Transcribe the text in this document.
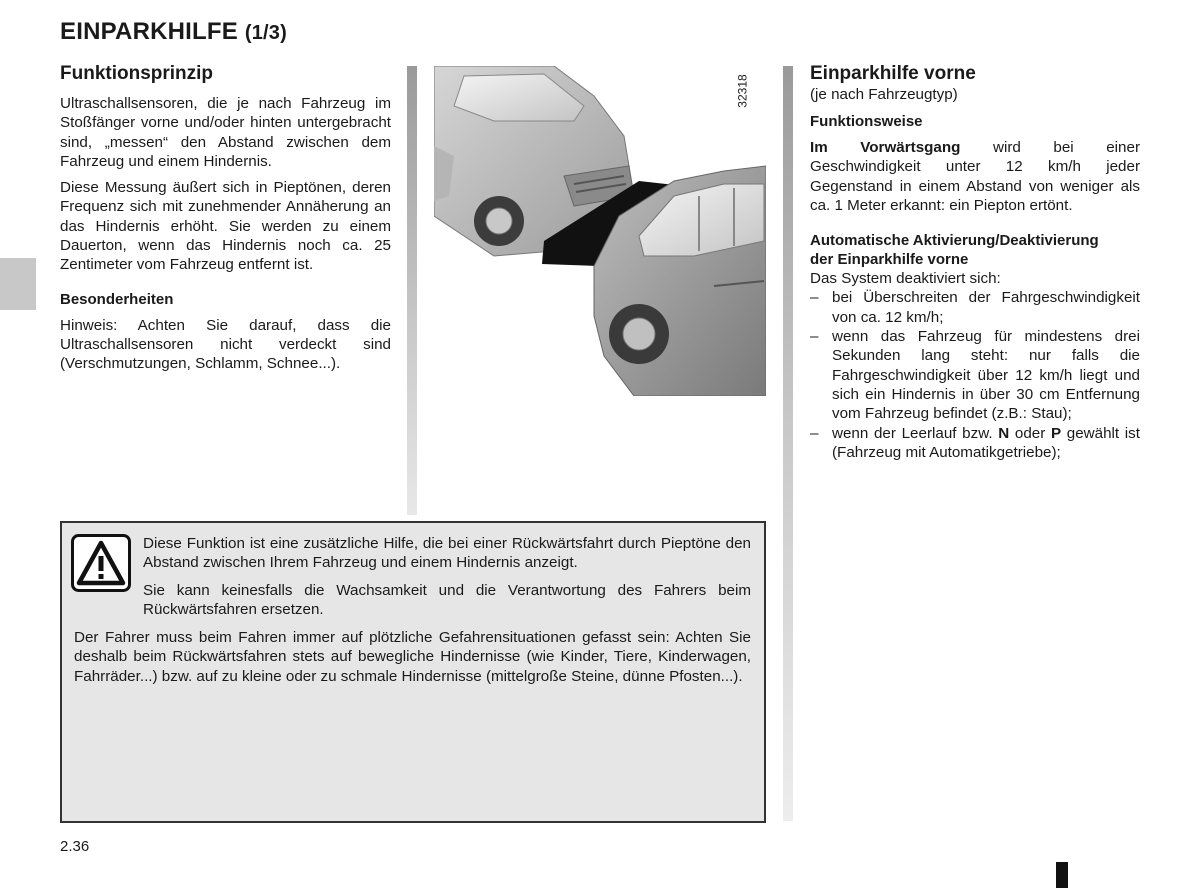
EINPARKHILFE (1/3)
Funktionsprinzip

Ultraschallsensoren, die je nach Fahrzeug im Stoßfänger vorne und/oder hinten untergebracht sind, „messen“ den Abstand zwischen dem Fahrzeug und einem Hindernis.

Diese Messung äußert sich in Pieptönen, deren Frequenz sich mit zunehmender Annäherung an das Hindernis erhöht. Sie werden zu einem Dauerton, wenn das Hindernis noch ca. 25 Zentimeter vom Fahrzeug entfernt ist.

Besonderheiten

Hinweis: Achten Sie darauf, dass die Ultraschallsensoren nicht verdeckt sind (Verschmutzungen, Schlamm, Schnee...).

32318
Einparkhilfe vorne
(je nach Fahrzeugtyp)
Funktionsweise

Im Vorwärtsgang wird bei einer Geschwindigkeit unter 12 km/h jeder Gegenstand in einem Abstand von weniger als ca. 1 Meter erkannt: ein Piepton ertönt.

Automatische Aktivierung/Deaktivierung
der Einparkhilfe vorne
Das System deaktiviert sich:
– bei Überschreiten der Fahrgeschwindigkeit von ca. 12 km/h;
– wenn das Fahrzeug für mindestens drei Sekunden lang steht: nur falls die Fahrgeschwindigkeit über 12 km/h liegt und sich ein Hindernis in über 30 cm Entfernung vom Fahrzeug befindet (z.B.: Stau);
– wenn der Leerlauf bzw. N oder P gewählt ist (Fahrzeug mit Automatikgetriebe);

Diese Funktion ist eine zusätzliche Hilfe, die bei einer Rückwärtsfahrt durch Pieptöne den Abstand zwischen Ihrem Fahrzeug und einem Hindernis anzeigt.

Sie kann keinesfalls die Wachsamkeit und die Verantwortung des Fahrers beim Rückwärtsfahren ersetzen.

Der Fahrer muss beim Fahren immer auf plötzliche Gefahrensituationen gefasst sein: Achten Sie deshalb beim Rückwärtsfahren stets auf bewegliche Hindernisse (wie Kinder, Tiere, Kinderwagen, Fahrräder...) bzw. auf zu kleine oder zu schmale Hindernisse (mittelgroße Steine, dünne Pfosten...).

2.36
